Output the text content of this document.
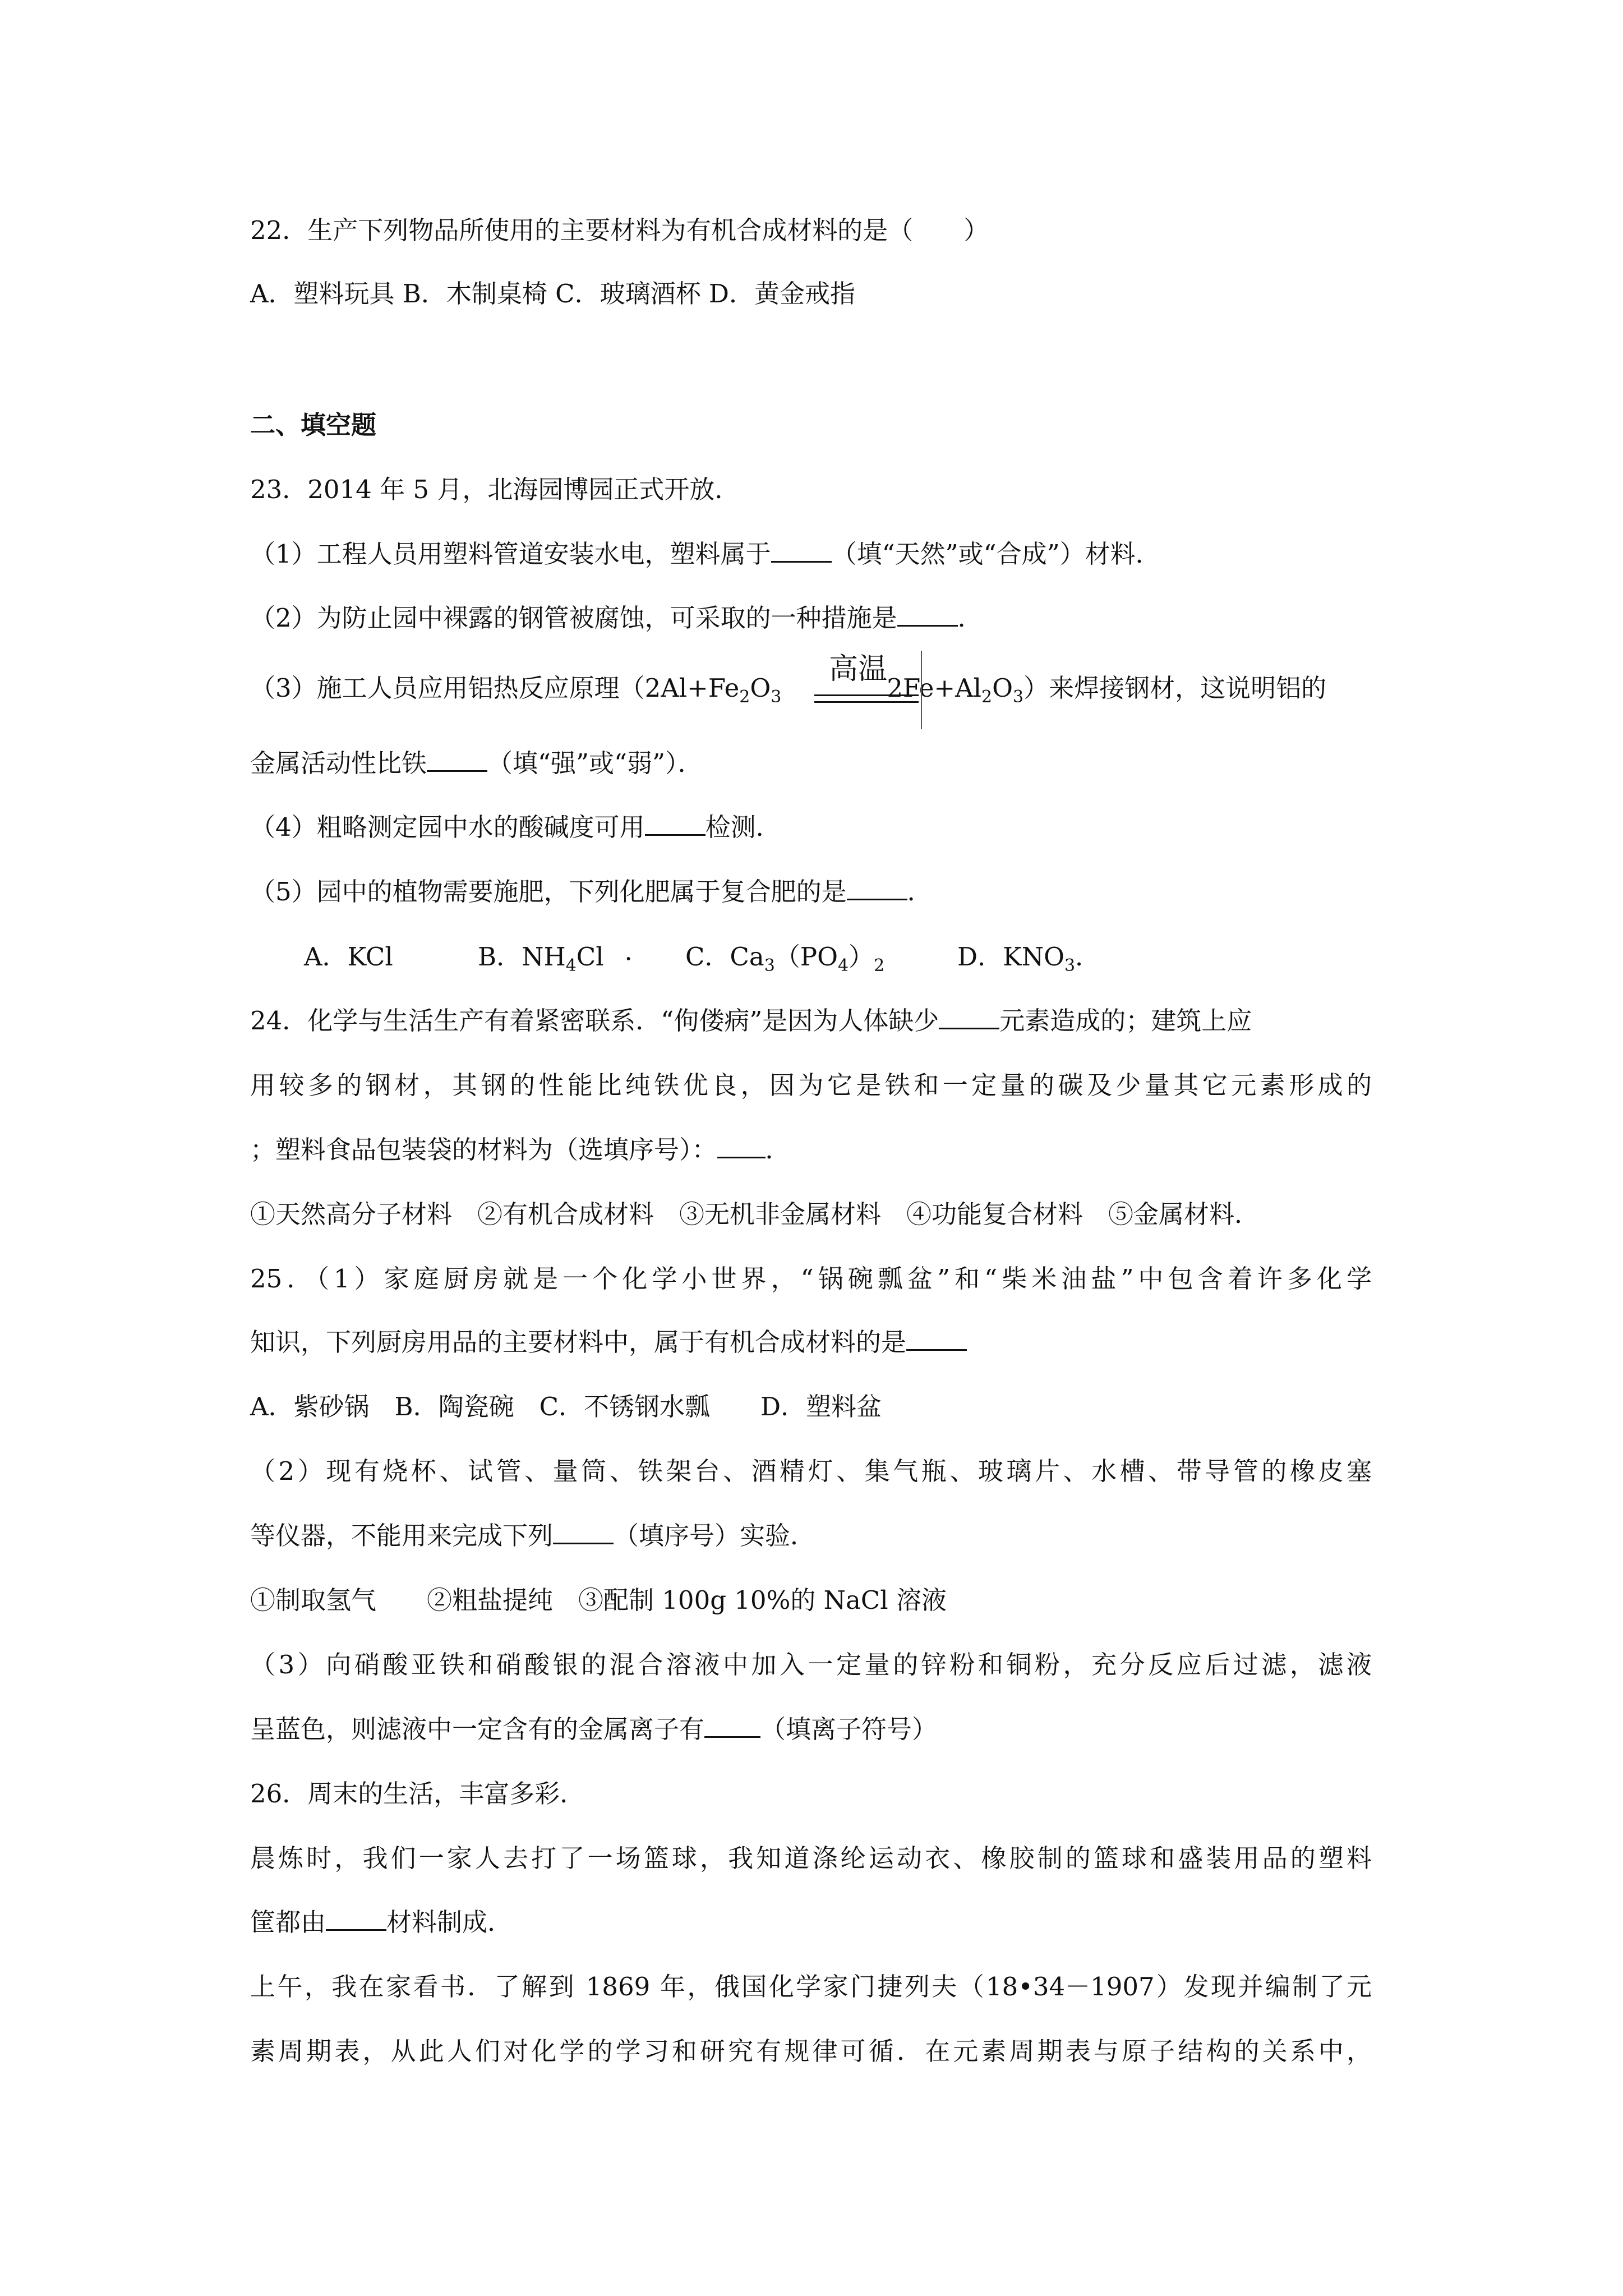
22．生产下列物品所使用的主要材料为有机合成材料的是（　　）
A．塑料玩具 B．木制桌椅 C．玻璃酒杯 D．黄金戒指
二、填空题
23．2014 年 5 月，北海园博园正式开放．
（1）工程人员用塑料管道安装水电，塑料属于 （填“天然”或“合成”）材料．
（2）为防止园中裸露的钢管被腐蚀，可采取的一种措施是 ．
（3）施工人员应用铝热反应原理（$2Al+Fe_2O_3$	$2Fe+Al_2O_3$）来焊接钢材，这说明铝的
高温
金属活动性比铁 （填“强”或“弱”）．
（4）粗略测定园中水的酸碱度可用 检测．
（5）园中的植物需要施肥，下列化肥属于复合肥的是 ．
A．KCl	B．$NH_4Cl$ ・ C．$Ca_3(PO_4)_2$	D．$KNO_3$．
24．化学与生活生产有着紧密联系．“佝偻病”是因为人体缺少 元素造成的；建筑上应
用较多的钢材，其钢的性能比纯铁优良，因为它是铁和一定量的碳及少量其它元素形成的
；塑料食品包装袋的材料为（选填序号）： ．
①天然高分子材料　②有机合成材料　③无机非金属材料　④功能复合材料　⑤金属材料．
25．（1）家庭厨房就是一个化学小世界，“锅碗瓢盆”和“柴米油盐”中包含着许多化学
知识，下列厨房用品的主要材料中，属于有机合成材料的是
A．紫砂锅　B．陶瓷碗　C．不锈钢水瓢　　D．塑料盆
（2）现有烧杯、试管、量筒、铁架台、酒精灯、集气瓶、玻璃片、水槽、带导管的橡皮塞
等仪器，不能用来完成下列 （填序号）实验．
①制取氢气　　②粗盐提纯　③配制 100g 10%的 NaCl 溶液
（3）向硝酸亚铁和硝酸银的混合溶液中加入一定量的锌粉和铜粉，充分反应后过滤，滤液
呈蓝色，则滤液中一定含有的金属离子有 （填离子符号）
26．周末的生活，丰富多彩．
晨炼时，我们一家人去打了一场篮球，我知道涤纶运动衣、橡胶制的篮球和盛装用品的塑料
筐都由 材料制成．
上午，我在家看书．了解到 1869 年，俄国化学家门捷列夫（18•34－1907）发现并编制了元
素周期表，从此人们对化学的学习和研究有规律可循．在元素周期表与原子结构的关系中，
